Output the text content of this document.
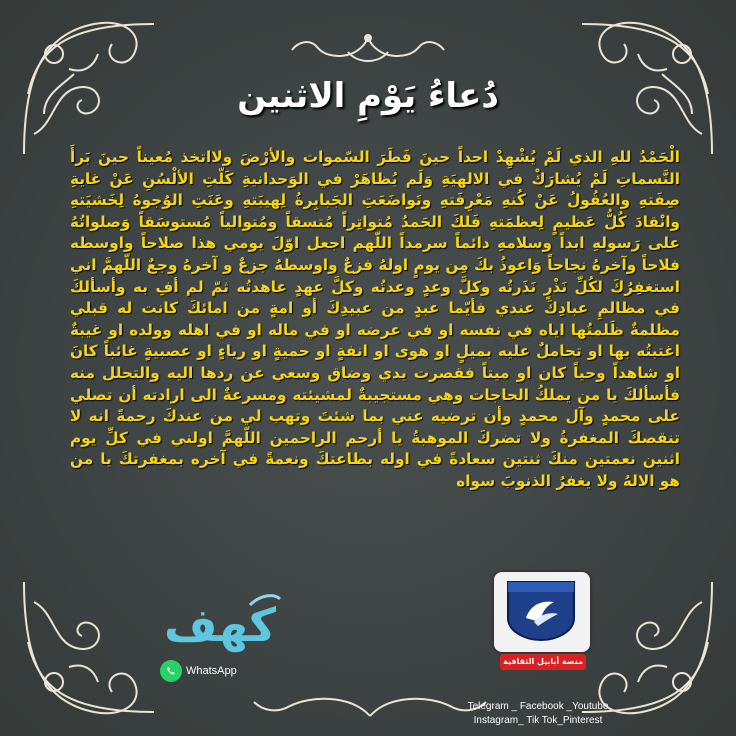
دُعاءُ يَوْمِ الاثنين
الْحَمْدُ للهِ الذي لَمْ يُشْهِدْ احداً حينَ فَطَرَ السّموات والأرْضَ ولااتخذ مُعيناً حينَ بَرأَ النَّسماتِ لَمْ يُشارَكْ في الالهيَةِ وَلَم يُظاهَرْ في الوَحدانيةِ كَلّتِ الألْسُنِ عَنْ غايةِ صِفَتهِ والعُقُولُ عَنْ كُنهِ مَعْرِفَتهِ وتَواضَعَتِ الجَبابِرةُ لِهيبَتهِ وعَنَتِ الوُجوهُ لِخَشيَتهِ وانْقادَ كُلُّ عَظيمٍ لِعظمَتهِ فَلكَ الحَمدُ مُتواتِراً مُتسقاً ومُتوالياً مُستوسَقاً وَصلواتُهُ على رَسولهِ ابداً وسلامهِ دائماً سرمداً اللّهم اجعل اوّلَ يومي هذا صلاحاً واوسطه فلاحاً وآخرهُ نجاحاً وَاعوذُ بكَ مِن يومٍ اولهُ فزعٌ واوسطهُ جزعٌ و آخرهُ وجعٌ اللّهمَّ اني استغفِرُكَ لكُلِّ نَذْرٍ نَذَرتُه وكلَّ وعدٍ وعدتُه وكلَّ عهدٍ عاهدتُه ثمّ لم أفِ به وأسألكَ في مظالمِ عبادِكَ عندي فأيّما عبدٍ من عبيدِكَ أو امةٍ من امائكَ كانت له قبلي مظلمةٌ ظَلمتُها اياه في نفسه او في عرضه او في ماله او في اهله وولده او غيبةٌ اغتبتُه بها او تحاملٌ عليه بميلٍ او هوى او انفةٍ او حميةٍ او رياءٍ او عصبيةٍ غائباً كانَ او شاهداً وحياً كان او ميتاً فقصرت يدي وضاق وسعي عن ردها اليه والتحلل منه فأسألكَ يا من يملكُ الحاجات وهي مستجيبةٌ لمشيئته ومسرعةٌ الى ارادته أن تصلي على محمدٍ وآل محمدٍ وأن ترضيه عني بما شئتَ وتهب لي من عندكَ رحمةً انه لا تنقصكَ المغفرةُ ولا تضركَ الموهبةُ يا أرحم الراحمين اللّهمَّ اولني في كلِّ يوم اثنين نعمتين منكَ ثنتين سعادةً في اوله بطاعتكَ ونعمةً في آخره بمغفرتكَ يا من هو الالهُ ولا يغفرُ الذنوبَ سواه
كهف
WhatsApp
منصة أبابيل الثقافية
Telegram _ Facebook _Youtube
Instagram_ Tik Tok_Pinterest
